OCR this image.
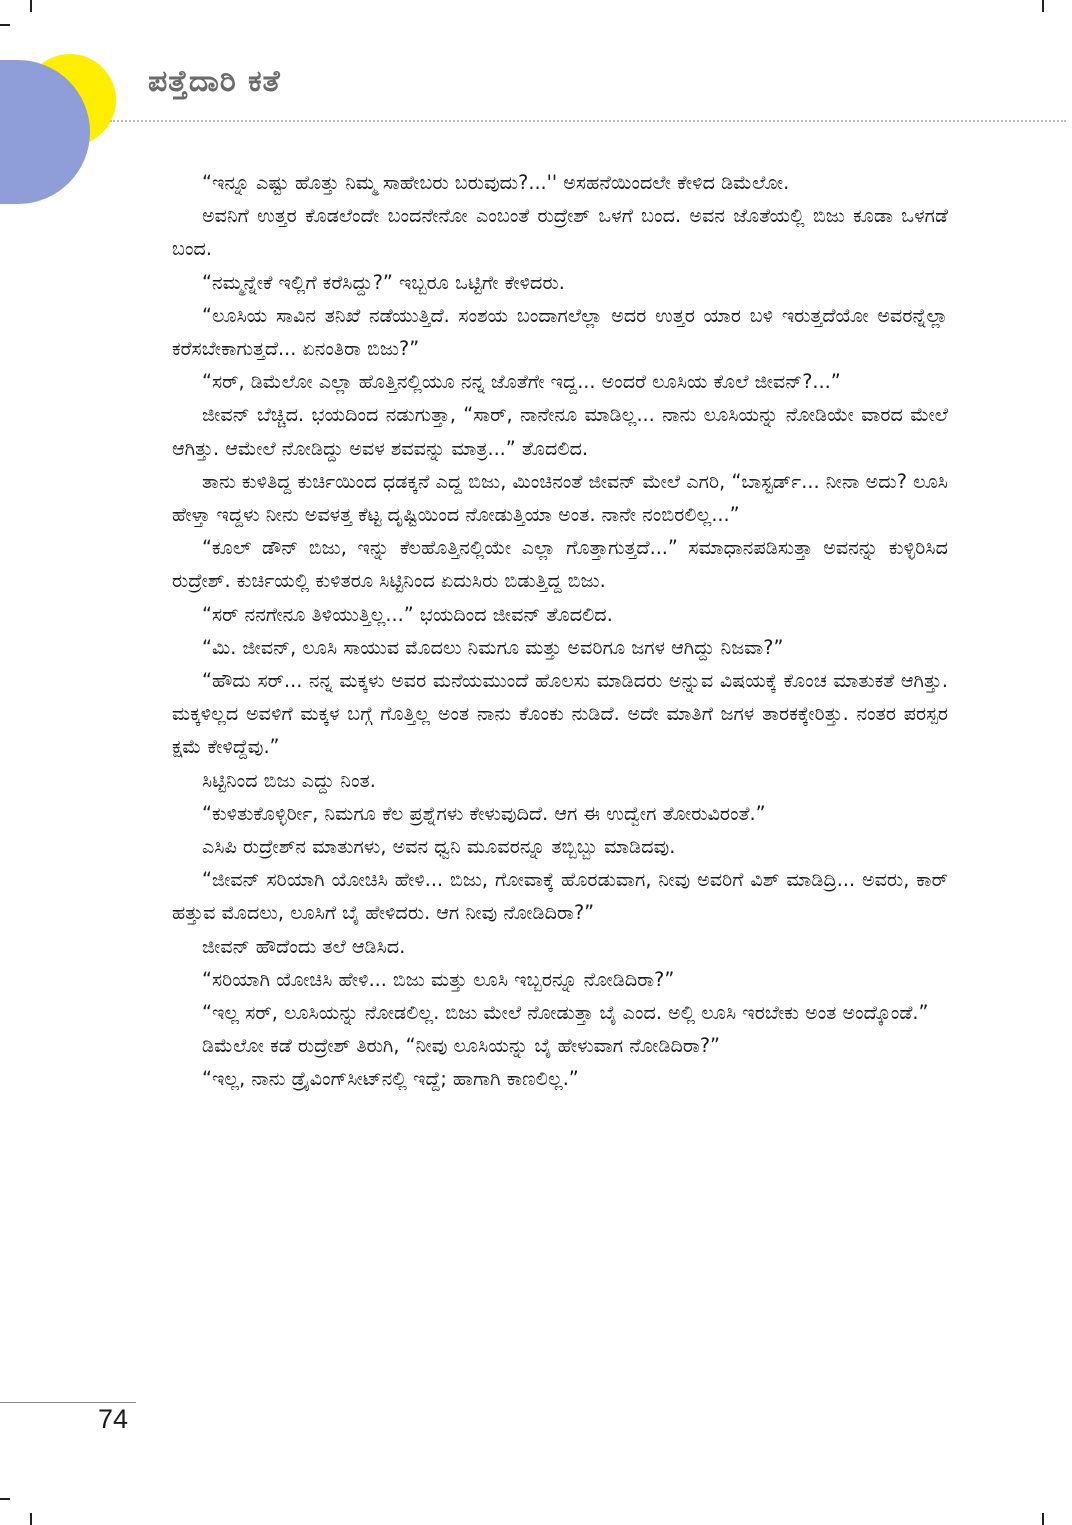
ಪತ್ತೆದಾರಿ ಕತೆ

“ಇನ್ನೂ ಎಷ್ಟು ಹೊತ್ತು ನಿಮ್ಮ ಸಾಹೇಬರು ಬರುವುದು?...'' ಅಸಹನೆಯಿಂದಲೇ ಕೇಳಿದ ಡಿಮೆಲೋ.

ಅವನಿಗೆ ಉತ್ತರ ಕೊಡಲೆಂದೇ ಬಂದನೇನೋ ಎಂಬಂತೆ ರುದ್ರೇಶ್ ಒಳಗೆ ಬಂದ. ಅವನ ಜೊತೆಯಲ್ಲಿ ಬಿಜು ಕೂಡಾ ಒಳಗಡೆ ಬಂದ.

“ನಮ್ಮನ್ನೇಕೆ ಇಲ್ಲಿಗೆ ಕರೆಸಿದ್ದು?” ಇಬ್ಬರೂ ಒಟ್ಟಿಗೇ ಕೇಳಿದರು.

“ಲೂಸಿಯ ಸಾವಿನ ತನಿಖೆ ನಡೆಯುತ್ತಿದೆ. ಸಂಶಯ ಬಂದಾಗಲೆಲ್ಲಾ ಅದರ ಉತ್ತರ ಯಾರ ಬಳಿ ಇರುತ್ತದೆಯೋ ಅವರನ್ನೆಲ್ಲಾ ಕರೆಸಬೇಕಾಗುತ್ತದೆ... ಏನಂತಿರಾ ಬಿಜು?”

“ಸರ್, ಡಿಮೆಲೋ ಎಲ್ಲಾ ಹೊತ್ತಿನಲ್ಲಿಯೂ ನನ್ನ ಜೊತೆಗೇ ಇದ್ದ... ಅಂದರೆ ಲೂಸಿಯ ಕೊಲೆ ಜೀವನ್?...”

ಜೀವನ್ ಬೆಚ್ಚಿದ. ಭಯದಿಂದ ನಡುಗುತ್ತಾ, “ಸಾರ್, ನಾನೇನೂ ಮಾಡಿಲ್ಲ... ನಾನು ಲೂಸಿಯನ್ನು ನೋಡಿಯೇ ವಾರದ ಮೇಲೆ ಆಗಿತ್ತು. ಆಮೇಲೆ ನೋಡಿದ್ದು ಅವಳ ಶವವನ್ನು ಮಾತ್ರ...” ತೊದಲಿದ.

ತಾನು ಕುಳಿತಿದ್ದ ಕುರ್ಚಿಯಿಂದ ಧಡಕ್ಕನೆ ಎದ್ದ ಬಿಜು, ಮಿಂಚಿನಂತೆ ಜೀವನ್ ಮೇಲೆ ಎಗರಿ, “ಬಾಸ್ಟರ್ಡ್... ನೀನಾ ಅದು? ಲೂಸಿ ಹೇಳ್ತಾ ಇದ್ದಳು ನೀನು ಅವಳತ್ತ ಕೆಟ್ಟ ದೃಷ್ಟಿಯಿಂದ ನೋಡುತ್ತಿಯಾ ಅಂತ. ನಾನೇ ನಂಬಿರಲಿಲ್ಲ...”

“ಕೂಲ್ ಡೌನ್ ಬಿಜು, ಇನ್ನು ಕೆಲಹೊತ್ತಿನಲ್ಲಿಯೇ ಎಲ್ಲಾ ಗೊತ್ತಾಗುತ್ತದೆ...” ಸಮಾಧಾನಪಡಿಸುತ್ತಾ ಅವನನ್ನು ಕುಳ್ಳಿರಿಸಿದ ರುದ್ರೇಶ್. ಕುರ್ಚಿಯಲ್ಲಿ ಕುಳಿತರೂ ಸಿಟ್ಟಿನಿಂದ ಏದುಸಿರು ಬಿಡುತ್ತಿದ್ದ ಬಿಜು.

“ಸರ್ ನನಗೇನೂ ತಿಳಿಯುತ್ತಿಲ್ಲ...” ಭಯದಿಂದ ಜೀವನ್ ತೊದಲಿದ.

“ಮಿ. ಜೀವನ್, ಲೂಸಿ ಸಾಯುವ ಮೊದಲು ನಿಮಗೂ ಮತ್ತು ಅವರಿಗೂ ಜಗಳ ಆಗಿದ್ದು ನಿಜವಾ?”

“ಹೌದು ಸರ್... ನನ್ನ ಮಕ್ಕಳು ಅವರ ಮನೆಯಮುಂದೆ ಹೊಲಸು ಮಾಡಿದರು ಅನ್ನುವ ವಿಷಯಕ್ಕೆ ಕೊಂಚ ಮಾತುಕತೆ ಆಗಿತ್ತು. ಮಕ್ಕಳಿಲ್ಲದ ಅವಳಿಗೆ ಮಕ್ಕಳ ಬಗ್ಗೆ ಗೊತ್ತಿಲ್ಲ ಅಂತ ನಾನು ಕೊಂಕು ನುಡಿದೆ. ಅದೇ ಮಾತಿಗೆ ಜಗಳ ತಾರಕಕ್ಕೇರಿತ್ತು. ನಂತರ ಪರಸ್ಪರ ಕ್ಷಮೆ ಕೇಳಿದ್ದೆವು.”

ಸಿಟ್ಟಿನಿಂದ ಬಿಜು ಎದ್ದು ನಿಂತ.

“ಕುಳಿತುಕೊಳ್ಳಿರ್ರೀ, ನಿಮಗೂ ಕೆಲ ಪ್ರಶ್ನೆಗಳು ಕೇಳುವುದಿದೆ. ಆಗ ಈ ಉದ್ವೇಗ ತೋರುವಿರಂತೆ.”

ಎಸಿಪಿ ರುದ್ರೇಶ್‌ನ ಮಾತುಗಳು, ಅವನ ಧ್ವನಿ ಮೂವರನ್ನೂ ತಬ್ಬಿಬ್ಬು ಮಾಡಿದವು.

“ಜೀವನ್ ಸರಿಯಾಗಿ ಯೋಚಿಸಿ ಹೇಳಿ... ಬಿಜು, ಗೋವಾಕ್ಕೆ ಹೊರಡುವಾಗ, ನೀವು ಅವರಿಗೆ ವಿಶ್ ಮಾಡಿದ್ರಿ... ಅವರು, ಕಾರ್ ಹತ್ತುವ ಮೊದಲು, ಲೂಸಿಗೆ ಬೈ ಹೇಳಿದರು. ಆಗ ನೀವು ನೋಡಿದಿರಾ?”

ಜೀವನ್ ಹೌದೆಂದು ತಲೆ ಆಡಿಸಿದ.

“ಸರಿಯಾಗಿ ಯೋಚಿಸಿ ಹೇಳಿ... ಬಿಜು ಮತ್ತು ಲೂಸಿ ಇಬ್ಬರನ್ನೂ ನೋಡಿದಿರಾ?”

“ಇಲ್ಲ ಸರ್, ಲೂಸಿಯನ್ನು ನೋಡಲಿಲ್ಲ. ಬಿಜು ಮೇಲೆ ನೋಡುತ್ತಾ ಬೈ ಎಂದ. ಅಲ್ಲಿ ಲೂಸಿ ಇರಬೇಕು ಅಂತ ಅಂದ್ಕೊಂಡೆ.”

ಡಿಮೆಲೋ ಕಡೆ ರುದ್ರೇಶ್ ತಿರುಗಿ, “ನೀವು ಲೂಸಿಯನ್ನು ಬೈ ಹೇಳುವಾಗ ನೋಡಿದಿರಾ?”

“ಇಲ್ಲ, ನಾನು ಡ್ರೈವಿಂಗ್‌ಸೀಟ್‌ನಲ್ಲಿ ಇದ್ದೆ; ಹಾಗಾಗಿ ಕಾಣಲಿಲ್ಲ.”

74
